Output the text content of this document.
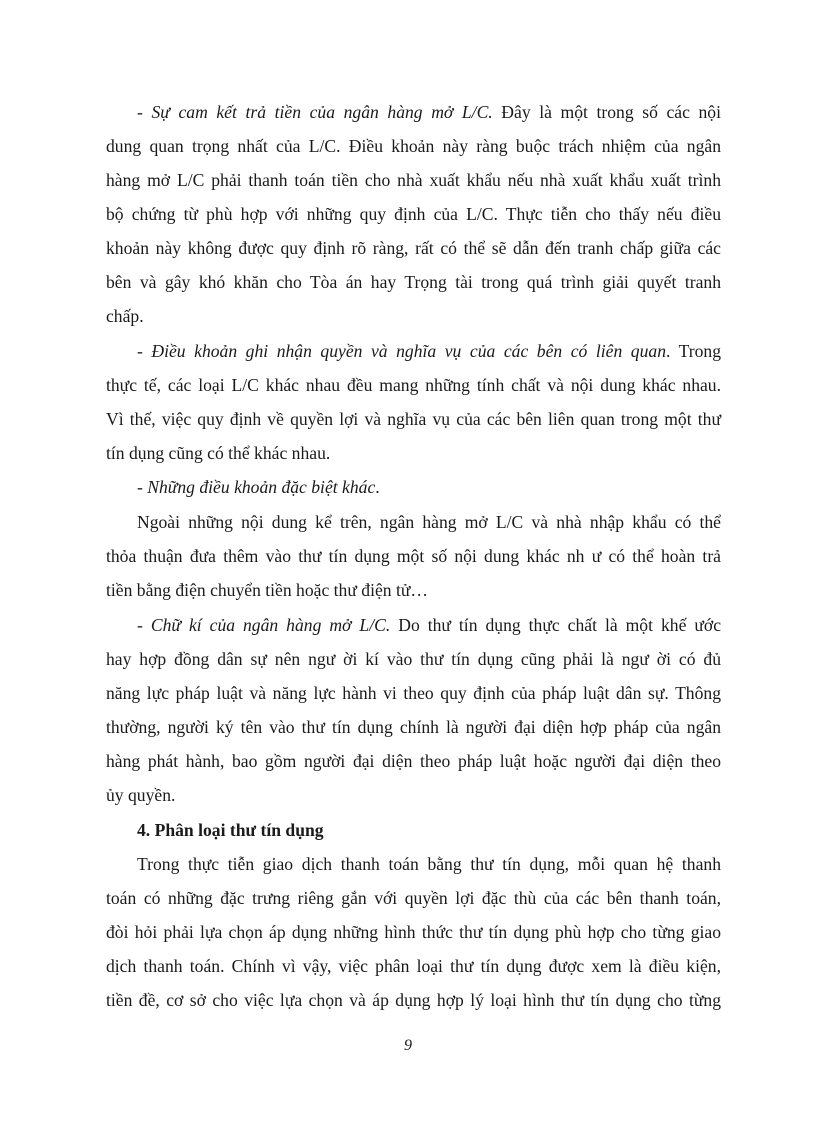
- Sự cam kết trả tiền của ngân hàng mở L/C. Đây là một trong số các nội
dung quan trọng nhất của L/C. Điều khoản này ràng buộc trách nhiệm của ngân
hàng mở L/C phải thanh toán tiền cho nhà xuất khẩu nếu nhà xuất khẩu xuất trình
bộ chứng từ phù hợp với những quy định của L/C. Thực tiễn cho thấy nếu điều
khoản này không được quy định rõ ràng, rất có thể sẽ dẫn đến tranh chấp giữa các
bên và gây khó khăn cho Tòa án hay Trọng tài trong quá trình giải quyết tranh
chấp.
- Điều khoản ghi nhận quyền và nghĩa vụ của các bên có liên quan. Trong
thực tế, các loại L/C khác nhau đều mang những tính chất và nội dung khác nhau.
Vì thế, việc quy định về quyền lợi và nghĩa vụ của các bên liên quan trong một thư
tín dụng cũng có thể khác nhau.
- Những điều khoản đặc biệt khác.
Ngoài những nội dung kể trên, ngân hàng mở L/C và nhà nhập khẩu có thể
thỏa thuận đưa thêm vào thư tín dụng một số nội dung khác nh ư có thể hoàn trả
tiền bằng điện chuyển tiền hoặc thư điện tử…
- Chữ kí của ngân hàng mở L/C. Do thư tín dụng thực chất là một khế ước
hay hợp đồng dân sự nên ngư ời kí vào thư tín dụng cũng phải là ngư ời có đủ
năng lực pháp luật và năng lực hành vi theo quy định của pháp luật dân sự. Thông
thường, người ký tên vào thư tín dụng chính là người đại diện hợp pháp của ngân
hàng phát hành, bao gồm người đại diện theo pháp luật hoặc người đại diện theo
ủy quyền.
4. Phân loại thư tín dụng
Trong thực tiễn giao dịch thanh toán bằng thư tín dụng, mỗi quan hệ thanh
toán có những đặc trưng riêng gắn với quyền lợi đặc thù của các bên thanh toán,
đòi hỏi phải lựa chọn áp dụng những hình thức thư tín dụng phù hợp cho từng giao
dịch thanh toán. Chính vì vậy, việc phân loại thư tín dụng được xem là điều kiện,
tiền đề, cơ sở cho việc lựa chọn và áp dụng hợp lý loại hình thư tín dụng cho từng
9
